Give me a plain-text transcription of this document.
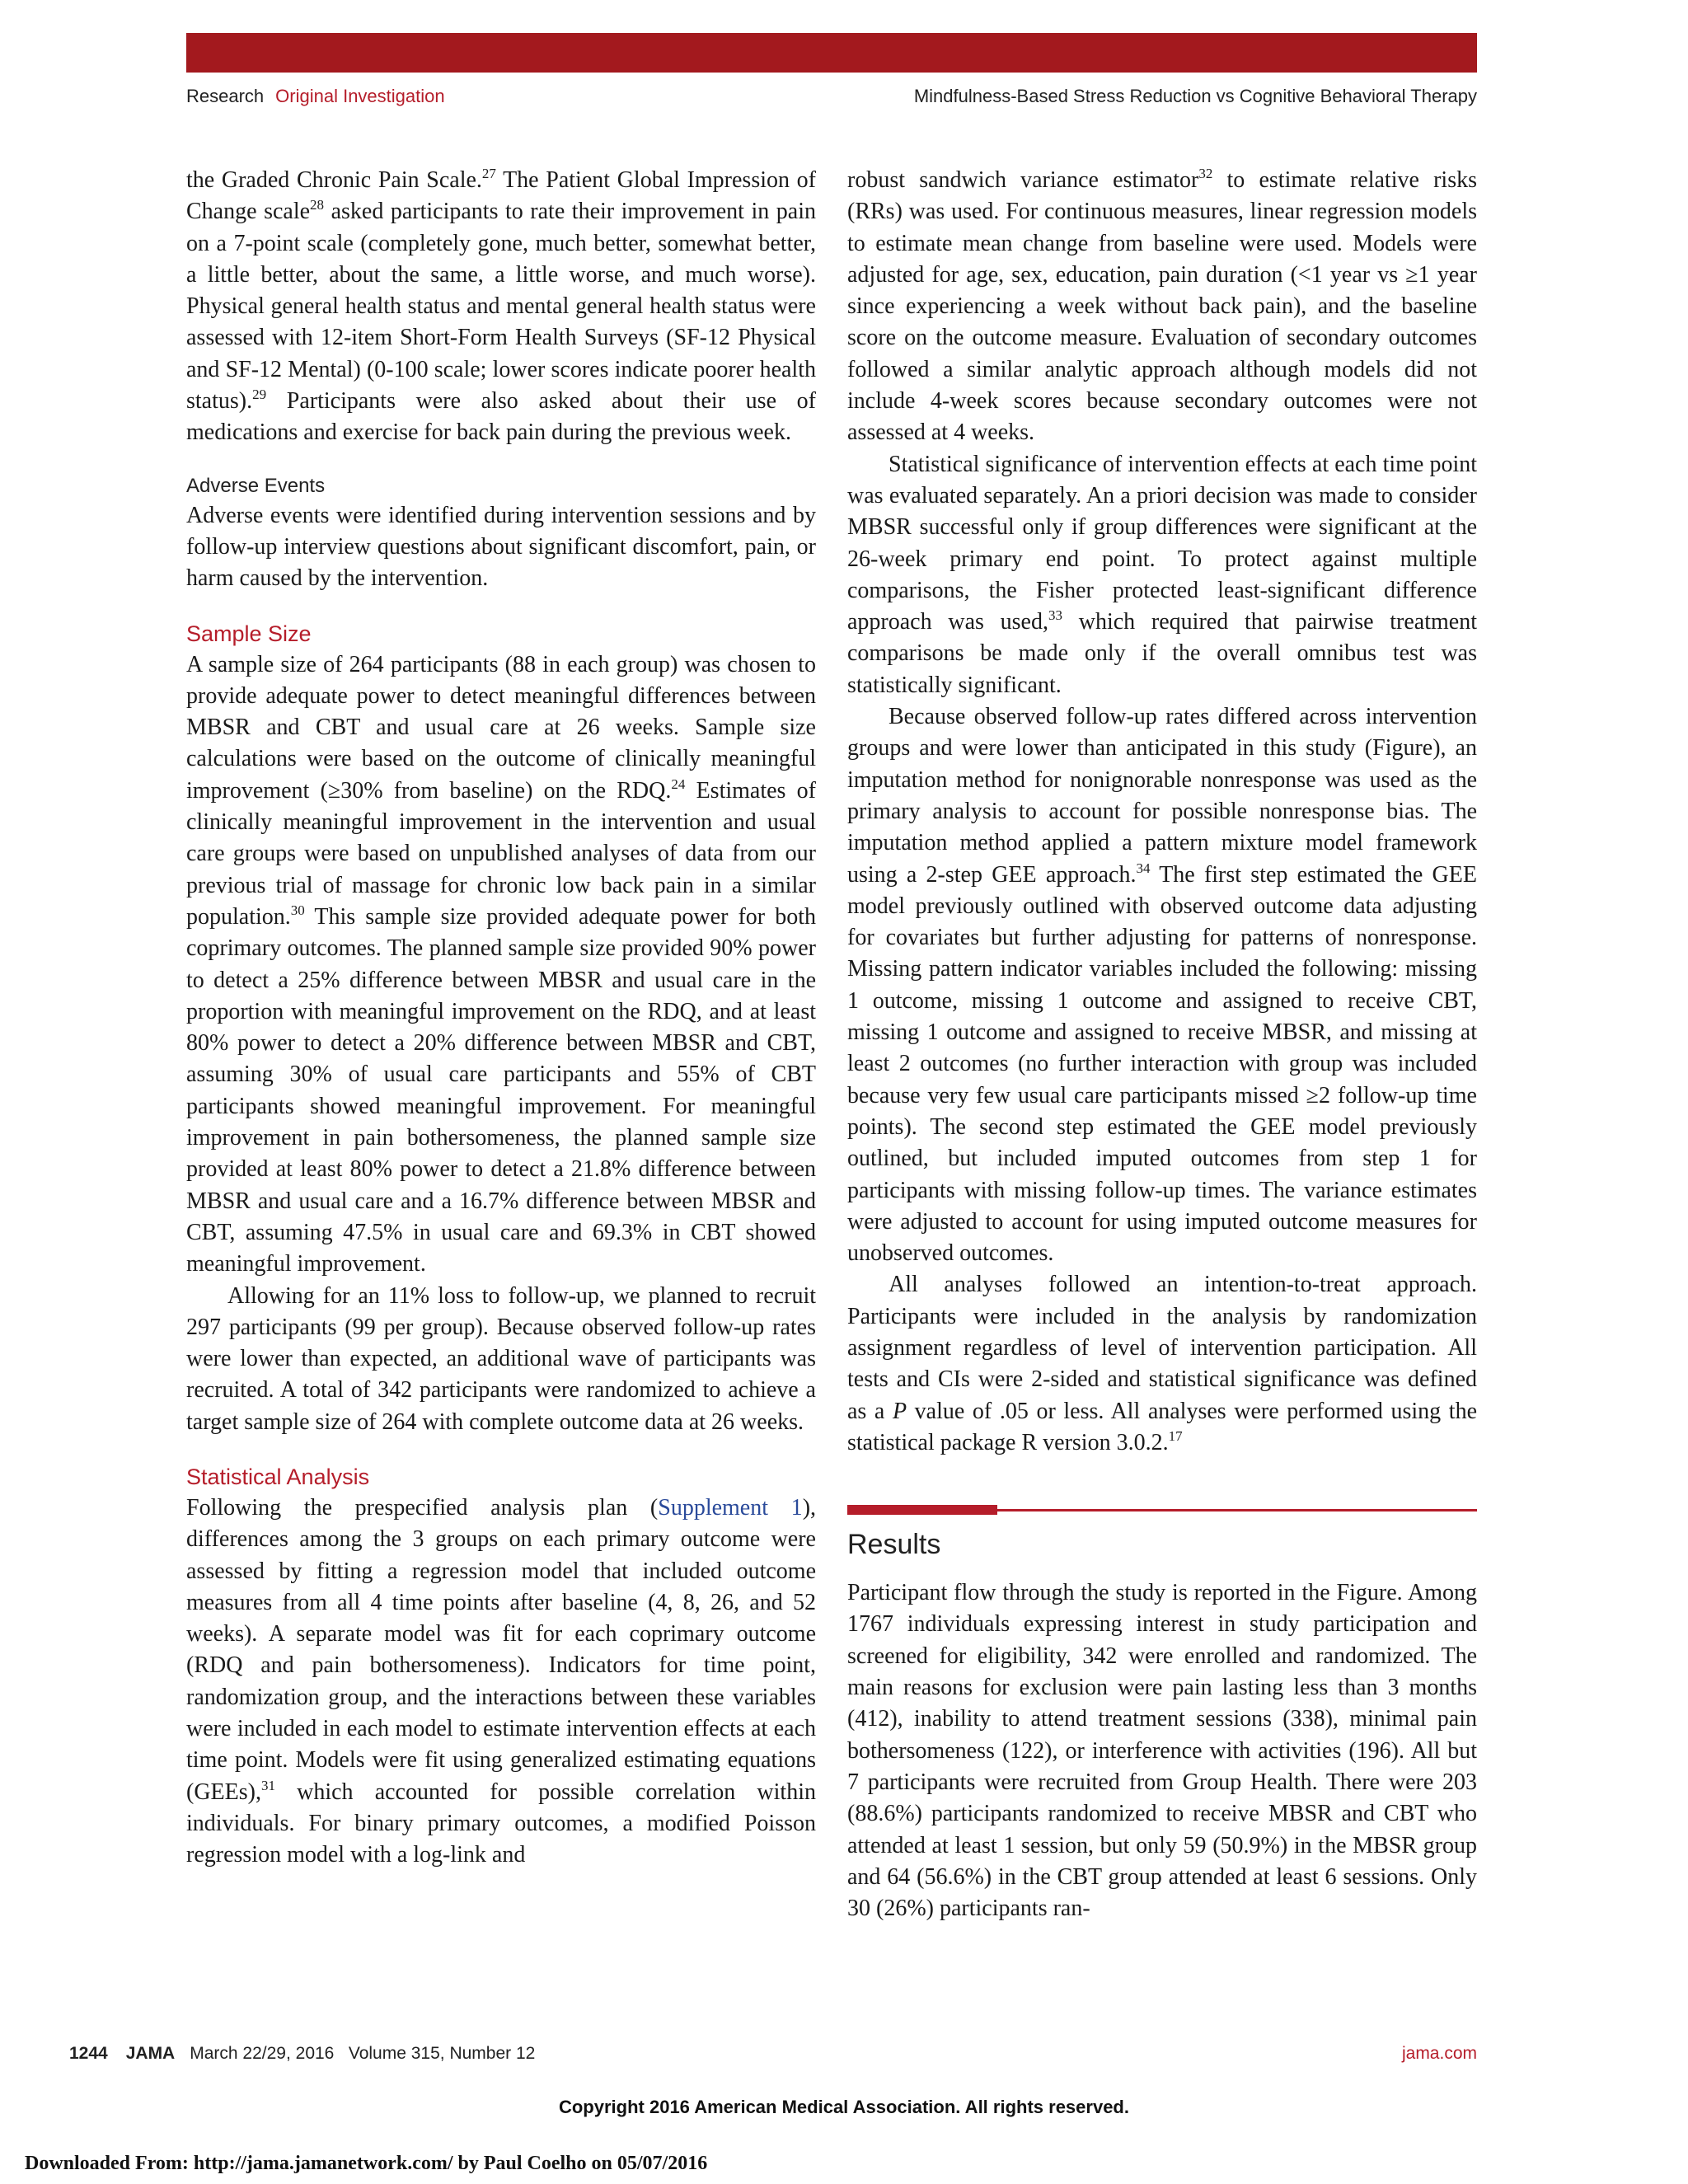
Research Original Investigation	Mindfulness-Based Stress Reduction vs Cognitive Behavioral Therapy

the Graded Chronic Pain Scale.$^{27}$ The Patient Global Impression of Change scale$^{28}$ asked participants to rate their improvement in pain on a 7-point scale (completely gone, much better, somewhat better, a little better, about the same, a little worse, and much worse). Physical general health status and mental general health status were assessed with 12-item Short-Form Health Surveys (SF-12 Physical and SF-12 Mental) (0-100 scale; lower scores indicate poorer health status).$^{29}$ Participants were also asked about their use of medications and exercise for back pain during the previous week.

Adverse Events

Adverse events were identified during intervention sessions and by follow-up interview questions about significant discomfort, pain, or harm caused by the intervention.

Sample Size

A sample size of 264 participants (88 in each group) was chosen to provide adequate power to detect meaningful differences between MBSR and CBT and usual care at 26 weeks. Sample size calculations were based on the outcome of clinically meaningful improvement (≥30% from baseline) on the RDQ.$^{24}$ Estimates of clinically meaningful improvement in the intervention and usual care groups were based on unpublished analyses of data from our previous trial of massage for chronic low back pain in a similar population.$^{30}$ This sample size provided adequate power for both coprimary outcomes. The planned sample size provided 90% power to detect a 25% difference between MBSR and usual care in the proportion with meaningful improvement on the RDQ, and at least 80% power to detect a 20% difference between MBSR and CBT, assuming 30% of usual care participants and 55% of CBT participants showed meaningful improvement. For meaningful improvement in pain bothersomeness, the planned sample size provided at least 80% power to detect a 21.8% difference between MBSR and usual care and a 16.7% difference between MBSR and CBT, assuming 47.5% in usual care and 69.3% in CBT showed meaningful improvement.

Allowing for an 11% loss to follow-up, we planned to recruit 297 participants (99 per group). Because observed follow-up rates were lower than expected, an additional wave of participants was recruited. A total of 342 participants were randomized to achieve a target sample size of 264 with complete outcome data at 26 weeks.

Statistical Analysis

Following the prespecified analysis plan (Supplement 1), differences among the 3 groups on each primary outcome were assessed by fitting a regression model that included outcome measures from all 4 time points after baseline (4, 8, 26, and 52 weeks). A separate model was fit for each coprimary outcome (RDQ and pain bothersomeness). Indicators for time point, randomization group, and the interactions between these variables were included in each model to estimate intervention effects at each time point. Models were fit using generalized estimating equations (GEEs),$^{31}$ which accounted for possible correlation within individuals. For binary primary outcomes, a modified Poisson regression model with a log-link and

robust sandwich variance estimator$^{32}$ to estimate relative risks (RRs) was used. For continuous measures, linear regression models to estimate mean change from baseline were used. Models were adjusted for age, sex, education, pain duration (<1 year vs ≥1 year since experiencing a week without back pain), and the baseline score on the outcome measure. Evaluation of secondary outcomes followed a similar analytic approach although models did not include 4-week scores because secondary outcomes were not assessed at 4 weeks.

Statistical significance of intervention effects at each time point was evaluated separately. An a priori decision was made to consider MBSR successful only if group differences were significant at the 26-week primary end point. To protect against multiple comparisons, the Fisher protected least-significant difference approach was used,$^{33}$ which required that pairwise treatment comparisons be made only if the overall omnibus test was statistically significant.

Because observed follow-up rates differed across intervention groups and were lower than anticipated in this study (Figure), an imputation method for nonignorable nonresponse was used as the primary analysis to account for possible nonresponse bias. The imputation method applied a pattern mixture model framework using a 2-step GEE approach.$^{34}$ The first step estimated the GEE model previously outlined with observed outcome data adjusting for covariates but further adjusting for patterns of nonresponse. Missing pattern indicator variables included the following: missing 1 outcome, missing 1 outcome and assigned to receive CBT, missing 1 outcome and assigned to receive MBSR, and missing at least 2 outcomes (no further interaction with group was included because very few usual care participants missed ≥2 follow-up time points). The second step estimated the GEE model previously outlined, but included imputed outcomes from step 1 for participants with missing follow-up times. The variance estimates were adjusted to account for using imputed outcome measures for unobserved outcomes.

All analyses followed an intention-to-treat approach. Participants were included in the analysis by randomization assignment regardless of level of intervention participation. All tests and CIs were 2-sided and statistical significance was defined as a P value of .05 or less. All analyses were performed using the statistical package R version 3.0.2.17

Results

Participant flow through the study is reported in the Figure. Among 1767 individuals expressing interest in study participation and screened for eligibility, 342 were enrolled and randomized. The main reasons for exclusion were pain lasting less than 3 months (412), inability to attend treatment sessions (338), minimal pain bothersomeness (122), or interference with activities (196). All but 7 participants were recruited from Group Health. There were 203 (88.6%) participants randomized to receive MBSR and CBT who attended at least 1 session, but only 59 (50.9%) in the MBSR group and 64 (56.6%) in the CBT group attended at least 6 sessions. Only 30 (26%) participants ran-

1244 JAMA March 22/29, 2016   Volume 315, Number 12	jama.com
Copyright 2016 American Medical Association. All rights reserved.
Downloaded From: http://jama.jamanetwork.com/ by Paul Coelho on 05/07/2016
